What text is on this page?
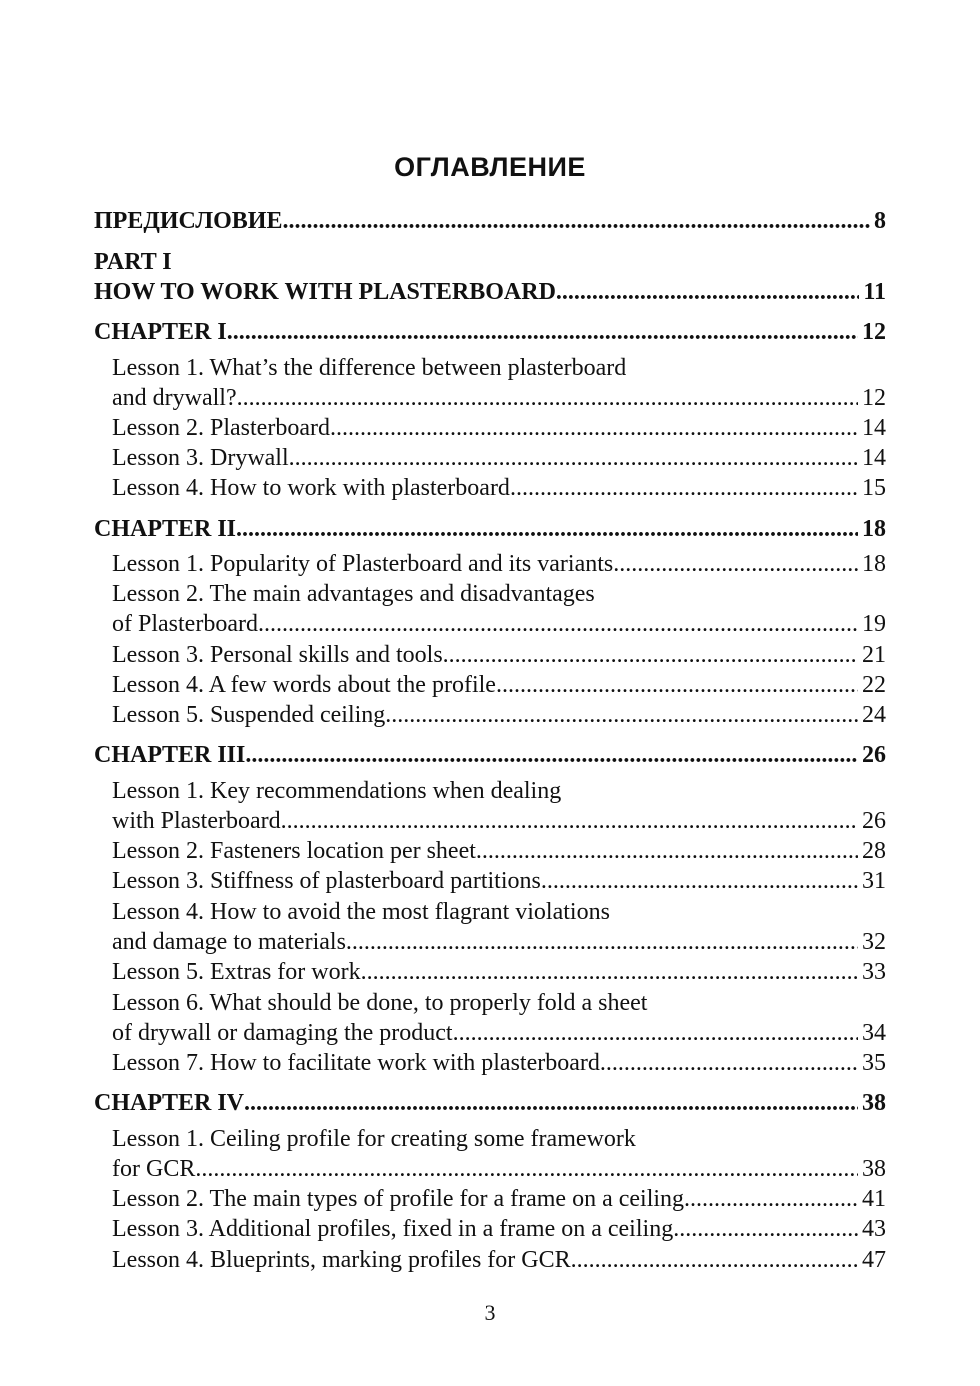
ОГЛАВЛЕНИЕ
ПРЕДИСЛОВИЕ .....	8
PART I
HOW TO WORK WITH PLASTERBOARD .....	11
CHAPTER I .....	12
Lesson 1. What’s the difference between plasterboard
and drywall? .....	12
Lesson 2. Plasterboard .....	14
Lesson 3. Drywall .....	14
Lesson 4. How to work with plasterboard .....	15
CHAPTER II .....	18
Lesson 1. Popularity of Plasterboard and its variants .....	18
Lesson 2. The main advantages and disadvantages
of Plasterboard .....	19
Lesson 3. Personal skills and tools .....	21
Lesson 4. A few words about the profile .....	22
Lesson 5. Suspended ceiling .....	24
CHAPTER III .....	26
Lesson 1. Key recommendations when dealing
with Plasterboard .....	26
Lesson 2. Fasteners location per sheet .....	28
Lesson 3. Stiffness of plasterboard partitions .....	31
Lesson 4. How to avoid the most flagrant violations
and damage to materials .....	32
Lesson 5. Extras for work .....	33
Lesson 6. What should be done, to properly fold a sheet
of drywall or damaging the product .....	34
Lesson 7. How to facilitate work with plasterboard .....	35
CHAPTER IV .....	38
Lesson 1. Ceiling profile for creating some framework
for GCR .....	38
Lesson 2. The main types of profile for a frame on a ceiling .....	41
Lesson 3. Additional profiles, fixed in a frame on a ceiling .....	43
Lesson 4. Blueprints, marking profiles for GCR .....	47
3
